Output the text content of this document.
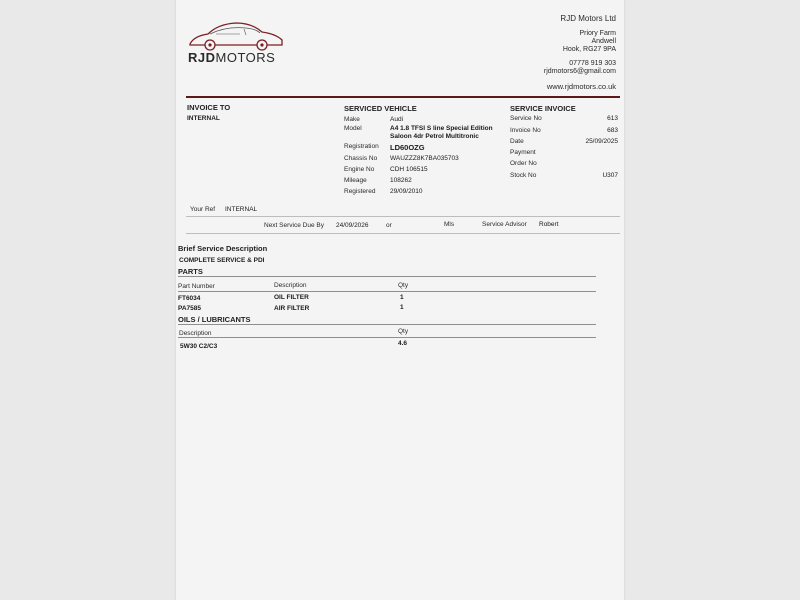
RJDMOTORS
RJD Motors Ltd
Priory Farm
Andwell
Hook, RG27 9PA
07778 919 303
rjdmotors6@gmail.com
www.rjdmotors.co.uk
INVOICE TO
INTERNAL
SERVICED VEHICLE
Make	Audi
Model	A4 1.8 TFSI S line Special Edition
Saloon 4dr Petrol Multitronic
Registration LD60OZG
Chassis No WAUZZZ8K7BA035703
Engine No CDH 106515
Mileage	108262
Registered 29/09/2010
SERVICE INVOICE
Service No	613
Invoice No	683
Date	25/09/2025
Payment
Order No
Stock No	U307
Your Ref INTERNAL
Next Service Due By 24/09/2026	or	Mls	Service Advisor Robert
Brief Service Description
COMPLETE SERVICE & PDI
PARTS
Part Number	Description	Qty
FT6034	OIL FILTER	1
PA7585	AIR FILTER	1
OILS / LUBRICANTS
Description	Qty
5W30 C2/C3	4.6
